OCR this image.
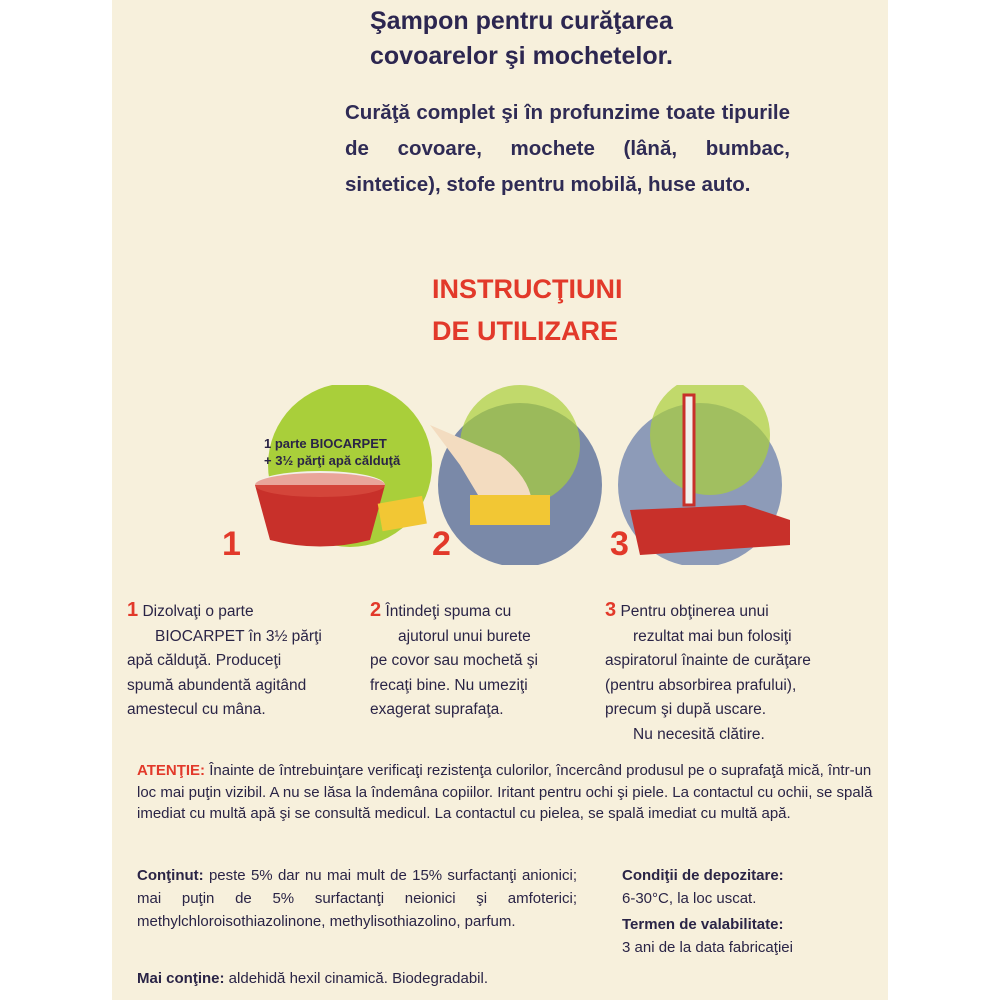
Şampon pentru curăţarea
covoarelor şi mochetelor.
Curăţă complet şi în profunzime toate tipurile de covoare, mochete (lână, bumbac, sintetice), stofe pentru mobilă, huse auto.
INSTRUCŢIUNI
DE UTILIZARE
1 parte BIOCARPET
+ 3½ părţi apă călduţă
1	2	3
1 Dizolvaţi o parte
BIOCARPET în 3½ părţi
apă călduţă. Produceţi
spumă abundentă agitând
amestecul cu mâna.
2 Întindeţi spuma cu
ajutorul unui burete
pe covor sau mochetă şi
frecaţi bine. Nu umeziţi
exagerat suprafaţa.
3 Pentru obţinerea unui
rezultat mai bun folosiţi
aspiratorul înainte de curăţare
(pentru absorbirea prafului),
precum şi după uscare.
Nu necesită clătire.
ATENŢIE: Înainte de întrebuinţare verificaţi rezistenţa culorilor, încercând produsul pe o suprafaţă mică, într-un loc mai puţin vizibil. A nu se lăsa la îndemâna copiilor. Iritant pentru ochi şi piele. La contactul cu ochii, se spală imediat cu multă apă şi se consultă medicul. La contactul cu pielea, se spală imediat cu multă apă.
Conţinut: peste 5% dar nu mai mult de 15% surfactanţi anionici; mai puţin de 5% surfactanţi neionici şi amfoterici; methylchloroisothiazolinone, methylisothiazolino, parfum.
Condiţii de depozitare:
6-30°C, la loc uscat.
Termen de valabilitate:
3 ani de la data fabricaţiei
Mai conţine: aldehidă hexil cinamică. Biodegradabil.
